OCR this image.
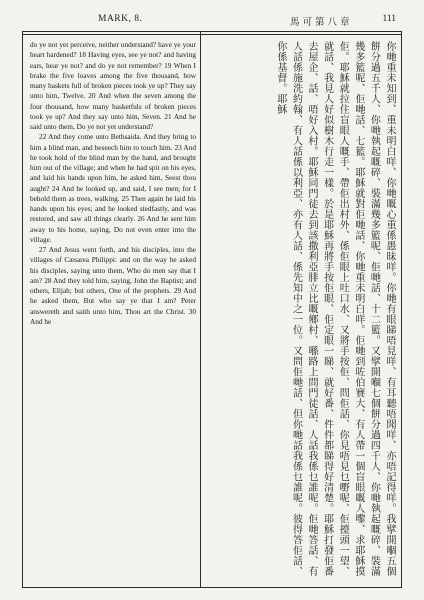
MARK, 8.	馬可第八章	111

do ye not yet perceive, neither understand? have ye your heart hardened? 18 Having eyes, see ye not? and having ears, hear ye not? and do ye not remember? 19 When I brake the five loaves among the five thousand, how many baskets full of broken pieces took ye up? They say unto him, Twelve. 20 And when the seven among the four thousand, how many basketfuls of broken pieces took ye up? And they say unto him, Seven. 21 And he said unto them, Do ye not yet understand?

22 And they come unto Bethsaida. And they bring to him a blind man, and beseech him to touch him. 23 And he took hold of the blind man by the hand, and brought him out of the village; and when he had spit on his eyes, and laid his hands upon him, he asked him, Seest thou aught? 24 And he looked up, and said, I see men; for I behold them as trees, walking. 25 Then again he laid his hands upon his eyes; and he looked stedfastly, and was restored, and saw all things clearly. 26 And he sent him away to his home, saying, Do not even enter into the village.

27 And Jesus went forth, and his disciples, into the villages of Cæsarea Philippi: and on the way he asked his disciples, saying unto them, Who do men say that I am? 28 And they told him, saying, John the Baptist; and others, Elijah; but others, One of the prophets. 29 And he asked them, But who say ye that I am? Peter answereth and saith unto him, Thou art the Christ. 30 And he	你哋重未知到、重未明白咩、你哋嘅心重係愚昧咩。你哋有眼睇唔見咩、有耳聽唔聞咩、亦唔記得咩。我擘開嗰五個餅分過五千人、你哋執起嘅碎、裝滿幾多籃呢、佢哋話、十二籃。又擘開嗰七個餅分過四千人、你哋執起嘅碎、裝滿幾多籃呢、佢哋話、七籃。耶穌就對佢哋話、你哋重未明白咩。佢哋到咗伯賽大、有人帶一個盲眼嘅人嚟、求耶穌摸佢。耶穌就拉住盲眼人嘅手、帶佢出村外、係佢眼上吐口水、又將手按佢、問佢話、你見唔見乜嘢呢、佢擡頭一望、就話、我見人好似樹木行走一樣。於是耶穌再將手按佢眼、佢定眼一睇、就好番、件件都睇得好清楚。耶穌打發佢番去屋企、話、唔好入村。耶穌同門徒去到該撒利亞腓立比嘅鄉村、喺路上問門徒話、人話我係乜誰呢。佢哋答話、有人話係施洗約翰、有人話係以利亞、亦有人話、係先知中之一位。又問佢哋話、但你哋話我係乜誰呢。彼得答佢話、你係基督。耶穌
